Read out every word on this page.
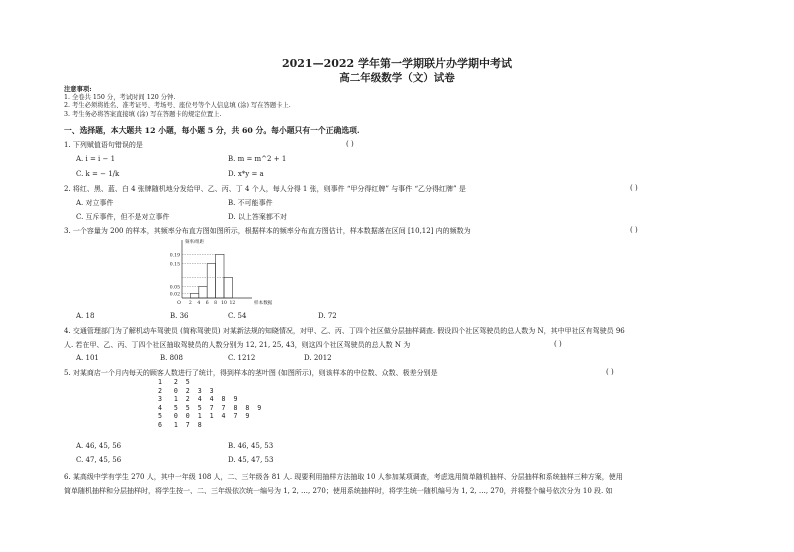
2021—2022 学年第一学期联片办学期中考试
高二年级数学（文）试卷
注意事项:
1. 全卷共 150 分，考试时间 120 分钟.
2. 考生必须将姓名、准考证号、考场号、座位号等个人信息填 (涂) 写在答题卡上.
3. 考生务必将答案直接填 (涂) 写在答题卡的规定位置上.
一、选择题，本大题共 12 小题，每小题 5 分，共 60 分。每小题只有一个正确选项.
1. 下列赋值语句错误的是	( )
A. i = i − 1	B. m = m^2 + 1
C. k = − 1/k	D. x*y = a
2. 将红、黑、蓝、白 4 张牌随机地分发给甲、乙、丙、丁 4 个人，每人分得 1 张，则事件 “甲分得红牌” 与事件 “乙分得红牌” 是	( )
A. 对立事件	B. 不可能事件
C. 互斥事件，但不是对立事件	D. 以上答案都不对
3. 一个容量为 200 的样本，其频率分布直方图如图所示，根据样本的频率分布直方图估计，样本数据落在区间 [10,12] 内的频数为	( )
0.19
0.15
0.05
0.02
O 2 4 6 8 10 12
频率/组距
样本数据
A. 18	B. 36	C. 54	D. 72
4. 交通管理部门为了解机动车驾驶员 (简称驾驶员) 对某新法规的知晓情况，对甲、乙、丙、丁四个社区做分层抽样调查. 假设四个社区驾驶员的总人数为 N，其中甲社区有驾驶员 96
人. 若在甲、乙、丙、丁四个社区抽取驾驶员的人数分别为 12, 21, 25, 43，则这四个社区驾驶员的总人数 N 为	( )
A. 101	B. 808	C. 1212	D. 2012
5. 对某商店一个月内每天的顾客人数进行了统计，得到样本的茎叶图 (如图所示)，则该样本的中位数、众数、极差分别是	( )
1   2  5
2   0  2  3  3
3   1  2  4  4  8  9
4   5  5  5  7  7  8  8  9
5   0  0  1  1  4  7  9
6   1  7  8
A. 46, 45, 56	B. 46, 45, 53
C. 47, 45, 56	D. 45, 47, 53
6. 某高级中学有学生 270 人，其中一年级 108 人，二、三年级各 81 人. 现要利用抽样方法抽取 10 人参加某项调查，考虑选用简单随机抽样、分层抽样和系统抽样三种方案，使用
简单随机抽样和分层抽样时，将学生按一、二、三年级依次统一编号为 1, 2, …, 270；使用系统抽样时，将学生统一随机编号为 1, 2, …, 270，并将整个编号依次分为 10 段. 如
